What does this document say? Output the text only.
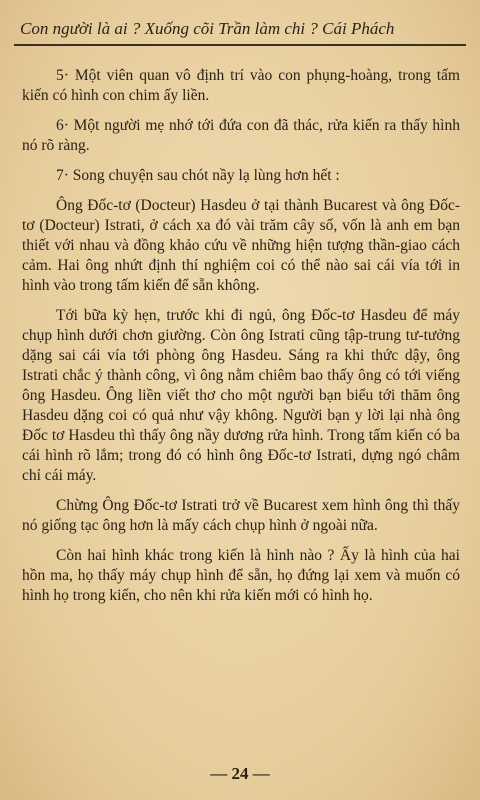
Con người là ai ? Xuống cõi Trần làm chi ? Cái Phách

5· Một viên quan vô định trí vào con phụng-hoàng, trong tấm kiến có hình con chim ấy liền.

6· Một người mẹ nhớ tới đứa con đã thác, rửa kiến ra thấy hình nó rõ ràng.

7· Song chuyện sau chót nầy lạ lùng hơn hết :

Ông Đốc-tơ (Docteur) Hasdeu ở tại thành Bucarest và ông Đốc-tơ (Docteur) Istrati, ở cách xa đó vài trăm cây số, vốn là anh em bạn thiết với nhau và đồng khảo cứu về những hiện tượng thần-giao cách cảm. Hai ông nhứt định thí nghiệm coi có thể nào sai cái vía tới in hình vào trong tấm kiến để sẵn không.

Tới bữa kỳ hẹn, trước khi đi ngủ, ông Đốc-tơ Hasdeu để máy chụp hình dưới chơn giường. Còn ông Istrati cũng tập-trung tư-tưởng dặng sai cái vía tới phòng ông Hasdeu. Sáng ra khi thức dậy, ông Istrati chắc ý thành công, vì ông nằm chiêm bao thấy ông có tới viếng ông Hasdeu. Ông liền viết thơ cho một người bạn biểu tới thăm ông Hasdeu dặng coi có quả như vậy không. Người bạn y lời lại nhà ông Đốc tơ Hasdeu thì thấy ông nầy dương rửa hình. Trong tấm kiến có ba cái hình rõ lắm; trong đó có hình ông Đốc-tơ Istrati, dựng ngó châm chỉ cái máy.

Chừng Ông Đốc-tơ Istrati trở về Bucarest xem hình ông thì thấy nó giống tạc ông hơn là mấy cách chụp hình ở ngoài nữa.

Còn hai hình khác trong kiến là hình nào ? Ấy là hình của hai hồn ma, họ thấy máy chụp hình để sẵn, họ đứng lại xem và muốn có hình họ trong kiến, cho nên khi rửa kiến mới có hình họ.

— 24 —
